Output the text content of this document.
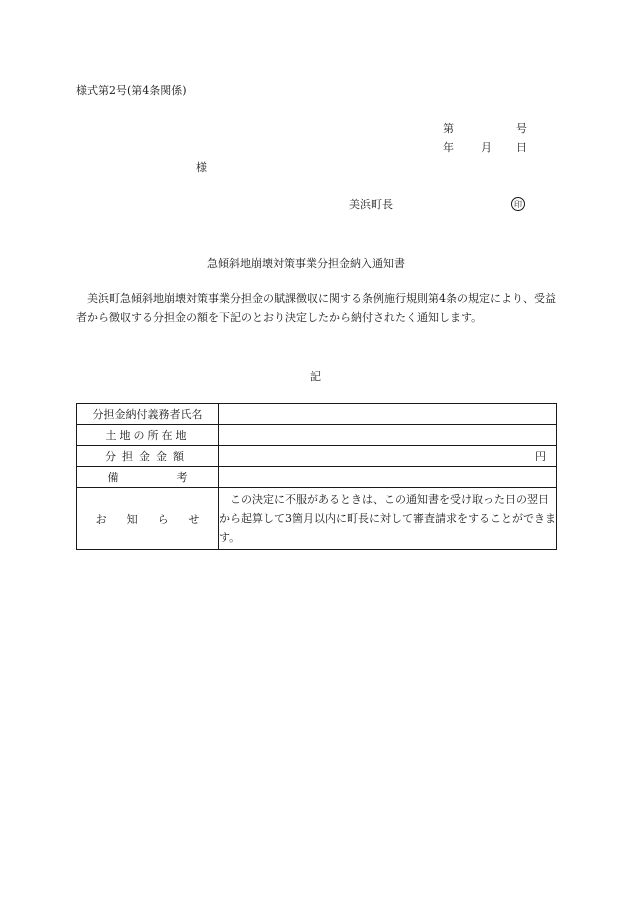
様式第2号(第4条関係)
第	号
年 月 日
様
美浜町長	印
急傾斜地崩壊対策事業分担金納入通知書
美浜町急傾斜地崩壊対策事業分担金の賦課徴収に関する条例施行規則第4条の規定により、受益者から徴収する分担金の額を下記のとおり決定したから納付されたく通知します。
記
分担金納付義務者氏名	
土地の所在地	
分担金金額	円

備考	
お知らせ	この決定に不服があるときは、この通知書を受け取った日の翌日から起算して3箇月以内に町長に対して審査請求をすることができます。
